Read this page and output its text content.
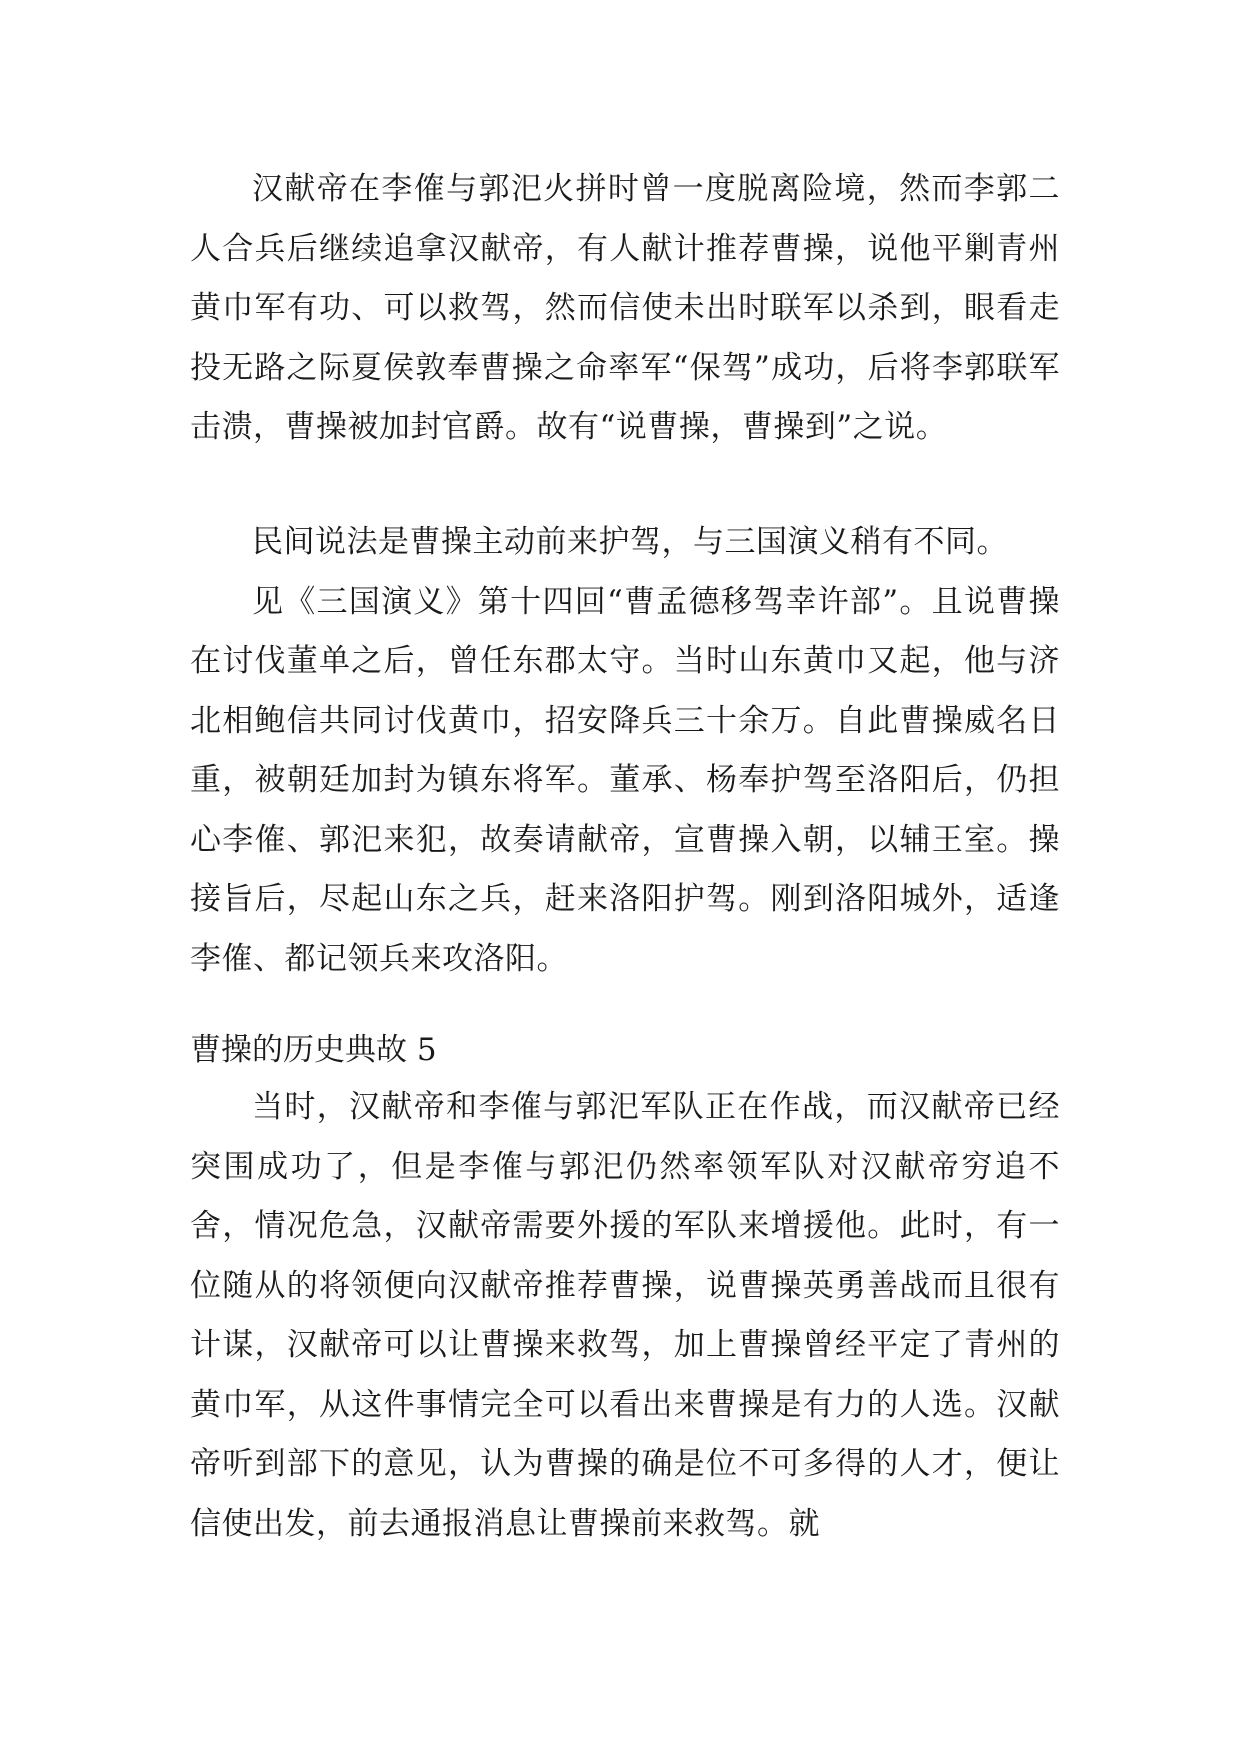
汉献帝在李傕与郭汜火拼时曾一度脱离险境，然而李郭二人合兵后继续追拿汉献帝，有人献计推荐曹操，说他平剿青州黄巾军有功、可以救驾，然而信使未出时联军以杀到，眼看走投无路之际夏侯敦奉曹操之命率军“保驾”成功，后将李郭联军击溃，曹操被加封官爵。故有“说曹操，曹操到”之说。

民间说法是曹操主动前来护驾，与三国演义稍有不同。

见《三国演义》第十四回“曹孟德移驾幸许部”。且说曹操在讨伐董单之后，曾任东郡太守。当时山东黄巾又起，他与济北相鲍信共同讨伐黄巾，招安降兵三十余万。自此曹操威名日重，被朝廷加封为镇东将军。董承、杨奉护驾至洛阳后，仍担心李傕、郭汜来犯，故奏请献帝，宣曹操入朝，以辅王室。操接旨后，尽起山东之兵，赶来洛阳护驾。刚到洛阳城外，适逢李傕、都记领兵来攻洛阳。

曹操的历史典故 5

当时，汉献帝和李傕与郭汜军队正在作战，而汉献帝已经突围成功了，但是李傕与郭汜仍然率领军队对汉献帝穷追不舍，情况危急，汉献帝需要外援的军队来增援他。此时，有一位随从的将领便向汉献帝推荐曹操，说曹操英勇善战而且很有计谋，汉献帝可以让曹操来救驾，加上曹操曾经平定了青州的黄巾军，从这件事情完全可以看出来曹操是有力的人选。汉献帝听到部下的意见，认为曹操的确是位不可多得的人才，便让信使出发，前去通报消息让曹操前来救驾。就
